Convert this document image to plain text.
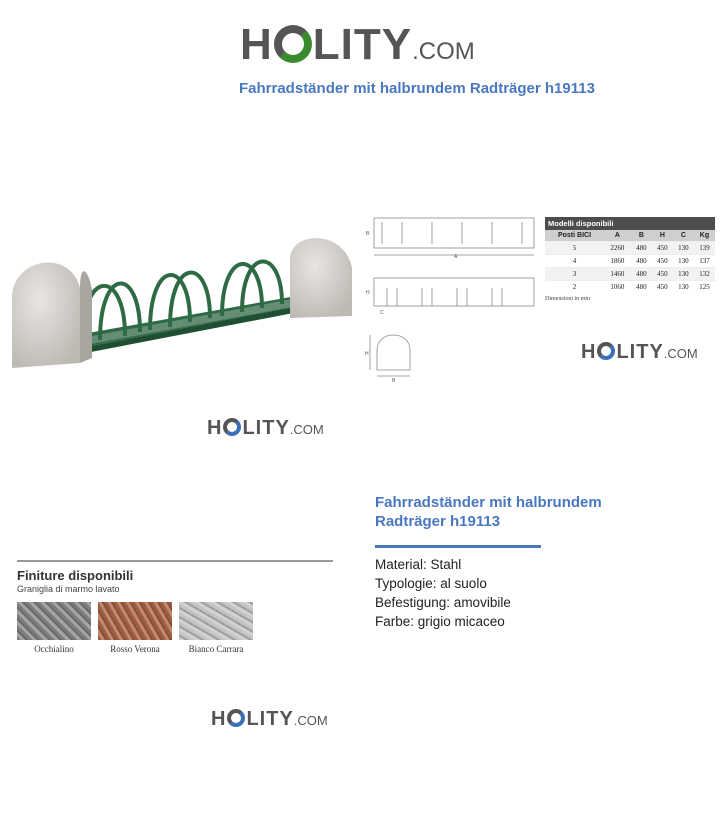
H LITY .COM
Fahrradständer mit halbrundem Radträger h19113
A
B
H
C
H
B
Modelli disponibili
Posti BICI	A	B	H	C	Kg
5	2260	480	450	130	139
4	1860	480	450	130	137
3	1460	480	450	130	132
2	1060	480	450	130	125
Dimensioni in mm
H LITY .COM
H LITY .COM
H LITY .COM
Finiture disponibili
Graniglia di marmo lavato
Occhialino	Rosso Verona	Bianco Carrara
Fahrradständer mit halbrundem Radträger h19113
Material: Stahl
Typologie: al suolo
Befestigung: amovibile
Farbe: grigio micaceo
